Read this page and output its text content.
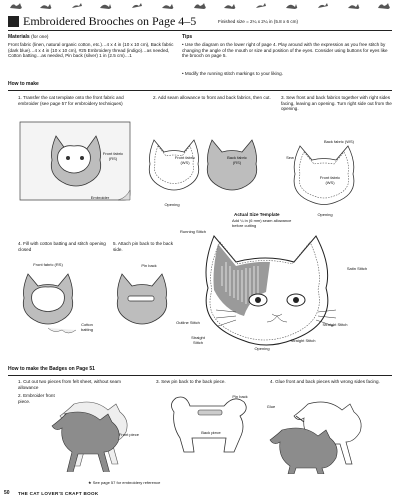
Embroidered Brooches on Page 4–5	Finished size = 2¼ x 2¼ in (5.8 x 6 cm)
Materials (for one)
Front fabric (linen, natural organic cotton, etc.)…4 x 4 in (10 x 10 cm), Back fabric (dark blue)…4 x 4 in (10 x 10 cm), #25 Embroidery thread (indigo)…as needed, Cotton batting…as needed, Pin back (silver) 1 in (2.5 cm)…1
Tips
• Use the diagram on the lower right of page 4. Play around with the expression as you free stitch by changing the angle of the mouth or size and position of the eyes. Consider using buttons for eyes like the brooch on page 5.
• Modify the running stitch markings to your liking.
How to make
1. Transfer the cat template onto the front fabric and embroider (see page 57 for embroidery techniques)
2. Add seam allowance to front and back fabrics, then cut. 3. Sew front and back fabrics together with right sides facing, leaving an opening. Turn right side out from the opening.
Front fabric (RS)
Embroider
Front fabric (WS)
Back fabric (RS)
Opening
Back fabric (WS)
Sew
Front fabric (WS)
Opening
4. Fill with cotton batting and stitch opening closed
5. Attach pin back to the back side.
Front fabric (RS)
Cotton batting
Pin back
Actual Size Template
Add ¼ in (6 mm) seam allowance before cutting
Running Stitch
Satin Stitch
Outline Stitch
Straight Stitch
Straight Stitch
Straight Stitch
Opening
How to make the Badges on Page 51
1. Cut out two pieces from felt sheet, without seam allowance
2. Embroider front piece.
3. Sew pin back to the back piece.	4. Glue front and back pieces with wrong sides facing.
Front piece
Pin back
Back piece
Glue
★ See page 57 for embroidery reference
50 THE CAT LOVER'S CRAFT BOOK
